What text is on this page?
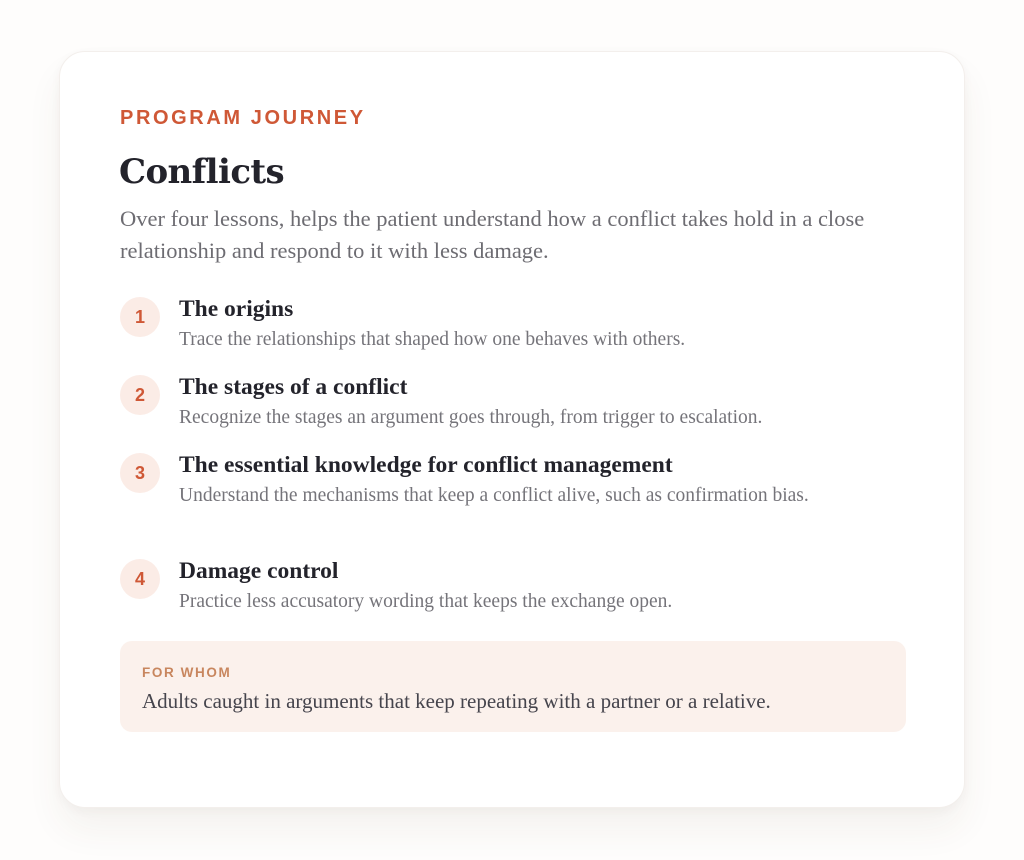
PROGRAM JOURNEY
Conflicts

Over four lessons, helps the patient understand how a conflict takes hold in a close relationship and respond to it with less damage.

1	The origins
Trace the relationships that shaped how one behaves with others.
2	The stages of a conflict
Recognize the stages an argument goes through, from trigger to escalation.
3	The essential knowledge for conflict management
Understand the mechanisms that keep a conflict alive, such as confirmation bias.
4	Damage control
Practice less accusatory wording that keeps the exchange open.
FOR WHOM
Adults caught in arguments that keep repeating with a partner or a relative.
